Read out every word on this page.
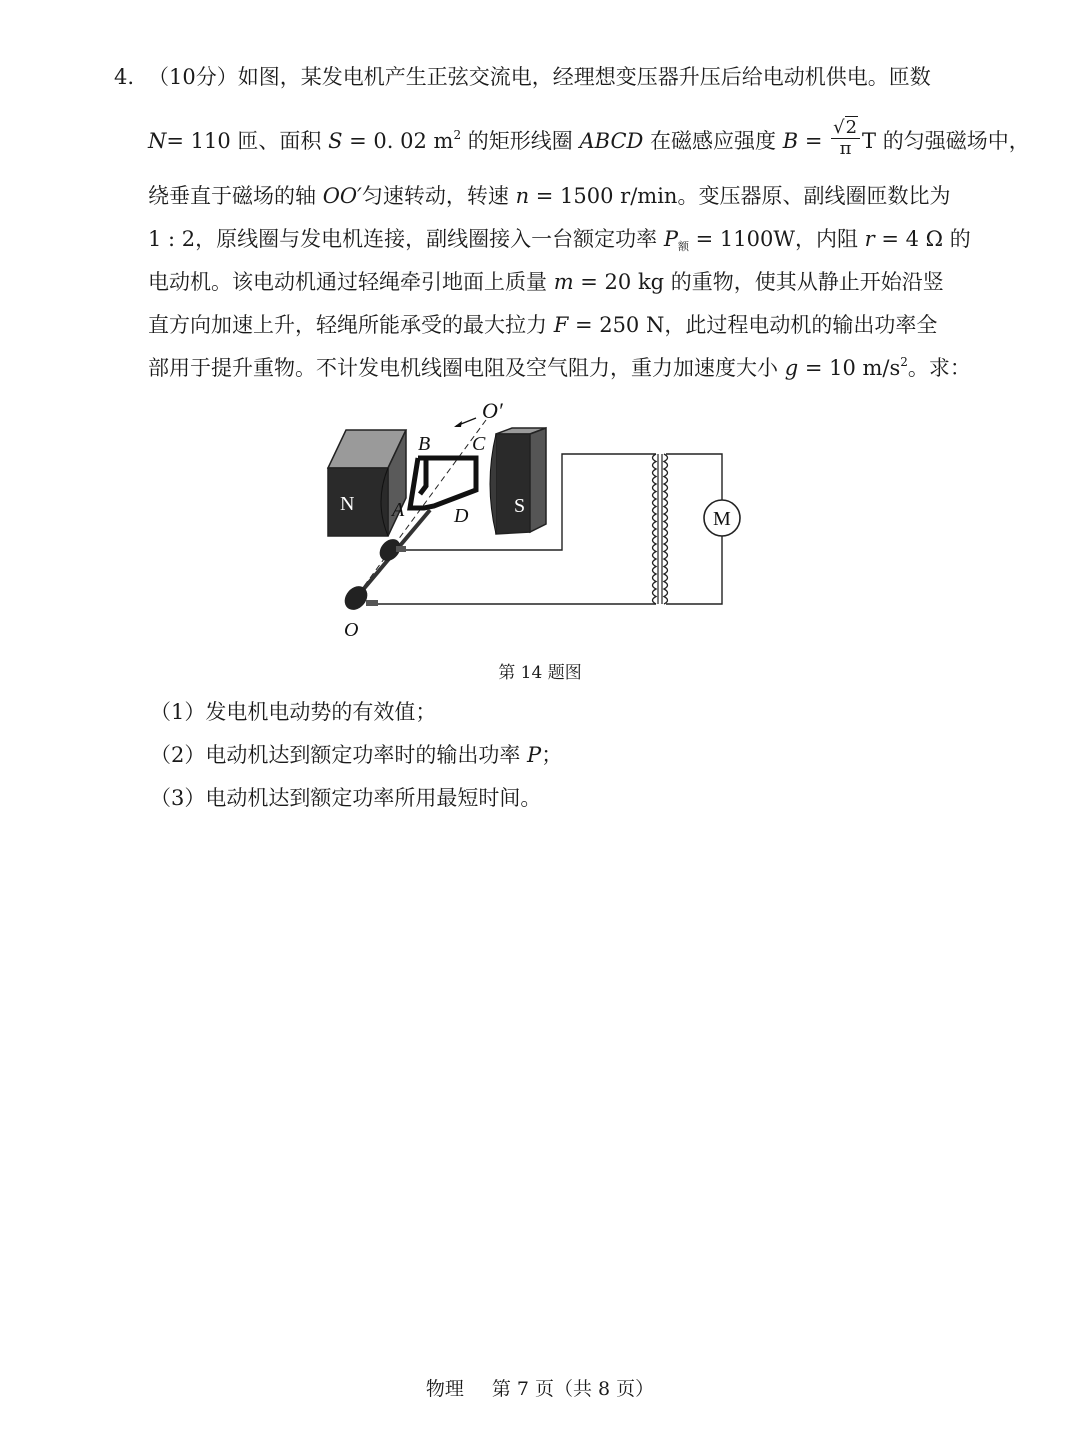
4. （10分）如图，某发电机产生正弦交流电，经理想变压器升压后给电动机供电。匝数
N= 110 匝、面积 S = 0. 02 $m^2$ 的矩形线圈 ABCD 在磁感应强度 $B = \frac{√2}{\pi}$ T 的匀强磁场中，
绕垂直于磁场的轴 OO′匀速转动，转速 n = 1500 r/min。变压器原、副线圈匝数比为
1 : 2，原线圈与发电机连接，副线圈接入一台额定功率 $P_额 = 1100W$，内阻 r = 4 Ω 的
电动机。该电动机通过轻绳牵引地面上质量 m = 20 kg 的重物，使其从静止开始沿竖
直方向加速上升，轻绳所能承受的最大拉力 F = 250 N，此过程电动机的输出功率全
部用于提升重物。不计发电机线圈电阻及空气阻力，重力加速度大小 g = 10 $m/s^2$。求：
O′
B C
N	S
A D
O
M
第 14 题图
（1）发电机电动势的有效值；
（2）电动机达到额定功率时的输出功率 P；
（3）电动机达到额定功率所用最短时间。
物理 第 7 页（共 8 页）
